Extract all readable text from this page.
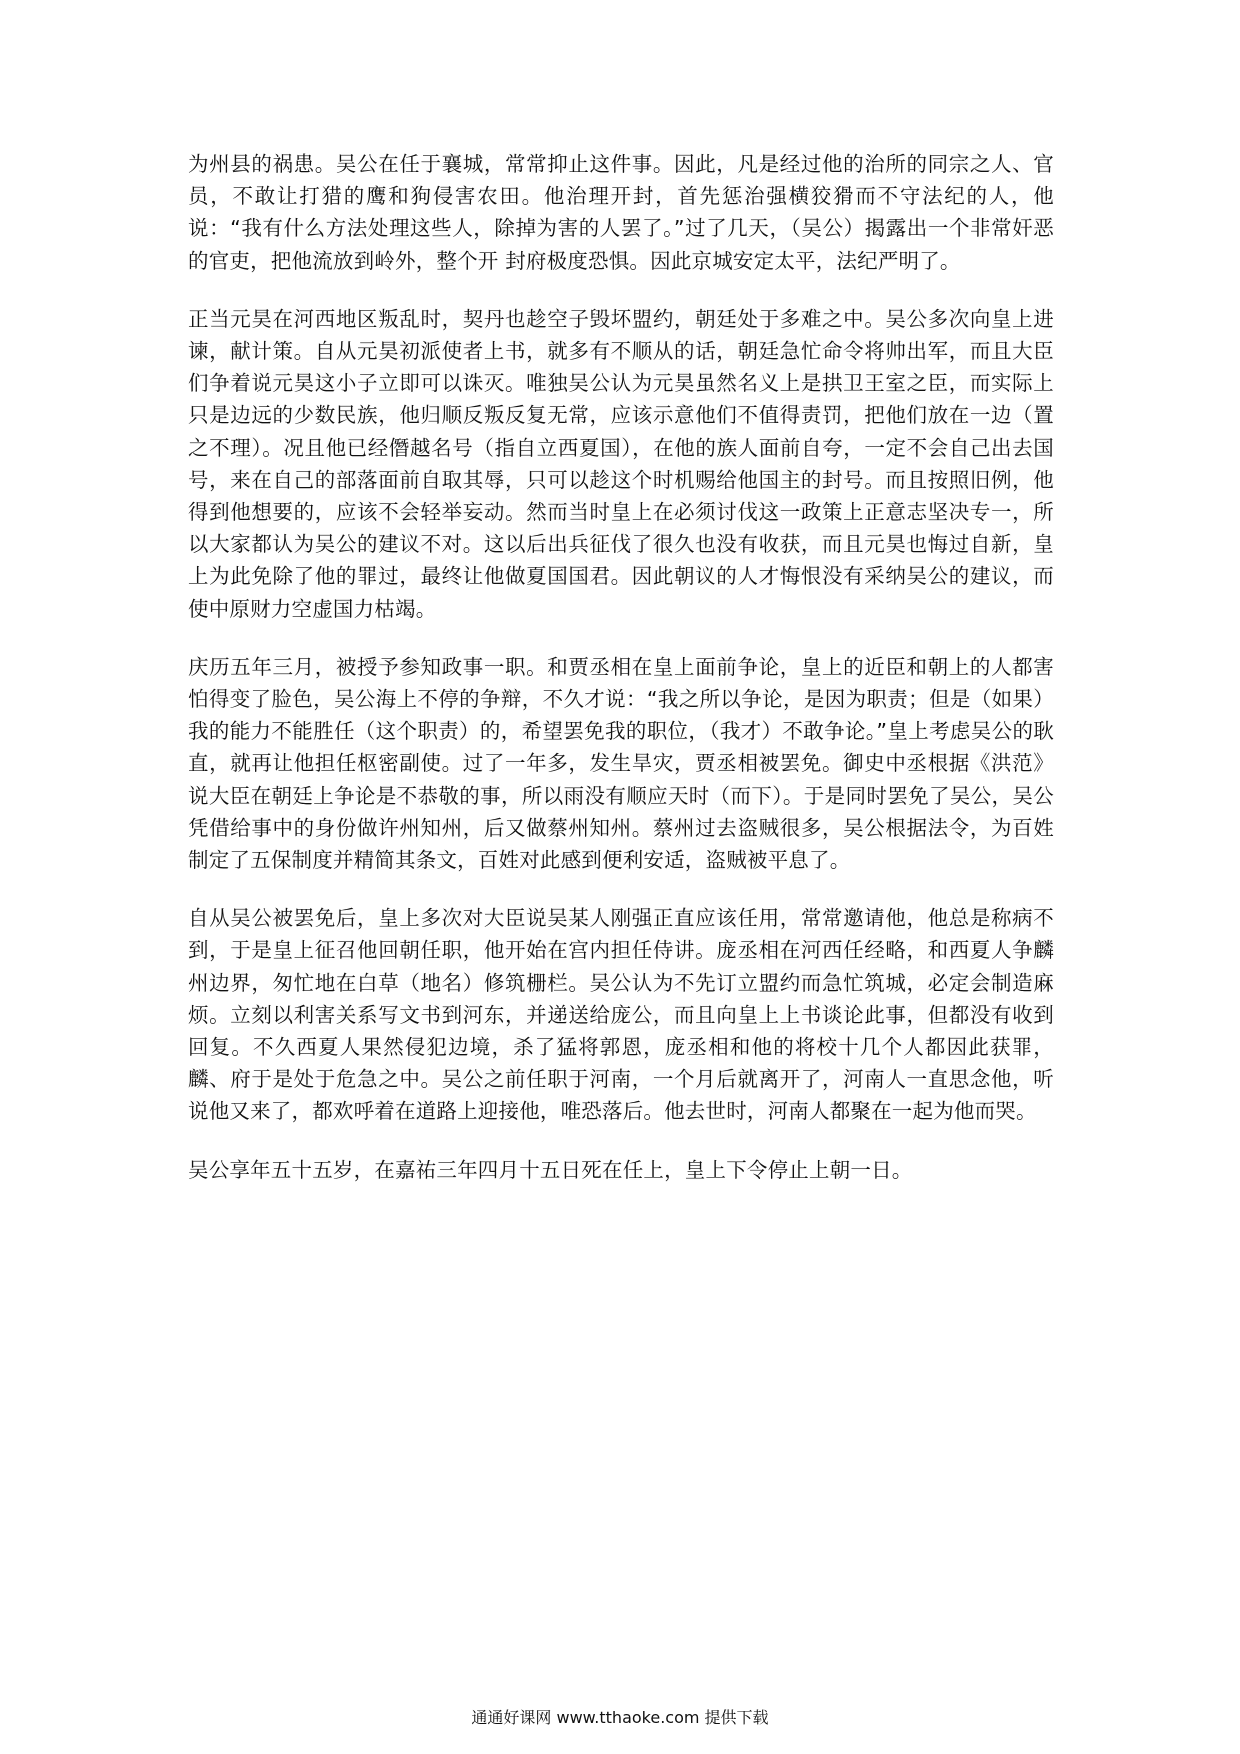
为州县的祸患。吴公在任于襄城，常常抑止这件事。因此，凡是经过他的治所的同宗之人、官员，不敢让打猎的鹰和狗侵害农田。他治理开封，首先惩治强横狡猾而不守法纪的人，他说：“我有什么方法处理这些人，除掉为害的人罢了。”过了几天，（吴公）揭露出一个非常奸恶的官吏，把他流放到岭外，整个开 封府极度恐惧。因此京城安定太平，法纪严明了。

正当元昊在河西地区叛乱时，契丹也趁空子毁坏盟约，朝廷处于多难之中。吴公多次向皇上进谏，献计策。自从元昊初派使者上书，就多有不顺从的话，朝廷急忙命令将帅出军，而且大臣们争着说元昊这小子立即可以诛灭。唯独吴公认为元昊虽然名义上是拱卫王室之臣，而实际上只是边远的少数民族，他归顺反叛反复无常，应该示意他们不值得责罚，把他们放在一边（置之不理）。况且他已经僭越名号（指自立西夏国），在他的族人面前自夸，一定不会自己出去国号，来在自己的部落面前自取其辱，只可以趁这个时机赐给他国主的封号。而且按照旧例，他得到他想要的，应该不会轻举妄动。然而当时皇上在必须讨伐这一政策上正意志坚决专一，所以大家都认为吴公的建议不对。这以后出兵征伐了很久也没有收获，而且元昊也悔过自新，皇上为此免除了他的罪过，最终让他做夏国国君。因此朝议的人才悔恨没有采纳吴公的建议，而使中原财力空虚国力枯竭。

庆历五年三月，被授予参知政事一职。和贾丞相在皇上面前争论，皇上的近臣和朝上的人都害怕得变了脸色，吴公海上不停的争辩，不久才说：“我之所以争论，是因为职责；但是（如果）我的能力不能胜任（这个职责）的，希望罢免我的职位，（我才）不敢争论。”皇上考虑吴公的耿直，就再让他担任枢密副使。过了一年多，发生旱灾，贾丞相被罢免。御史中丞根据《洪范》说大臣在朝廷上争论是不恭敬的事，所以雨没有顺应天时（而下）。于是同时罢免了吴公，吴公凭借给事中的身份做许州知州，后又做蔡州知州。蔡州过去盗贼很多，吴公根据法令，为百姓制定了五保制度并精简其条文，百姓对此感到便利安适，盗贼被平息了。

自从吴公被罢免后，皇上多次对大臣说吴某人刚强正直应该任用，常常邀请他，他总是称病不到，于是皇上征召他回朝任职，他开始在宫内担任侍讲。庞丞相在河西任经略，和西夏人争麟州边界，匆忙地在白草（地名）修筑栅栏。吴公认为不先订立盟约而急忙筑城，必定会制造麻烦。立刻以利害关系写文书到河东，并递送给庞公，而且向皇上上书谈论此事，但都没有收到回复。不久西夏人果然侵犯边境，杀了猛将郭恩，庞丞相和他的将校十几个人都因此获罪，麟、府于是处于危急之中。吴公之前任职于河南，一个月后就离开了，河南人一直思念他，听说他又来了，都欢呼着在道路上迎接他，唯恐落后。他去世时，河南人都聚在一起为他而哭。

吴公享年五十五岁，在嘉祐三年四月十五日死在任上，皇上下令停止上朝一日。

通通好课网 www.tthaoke.com 提供下载
